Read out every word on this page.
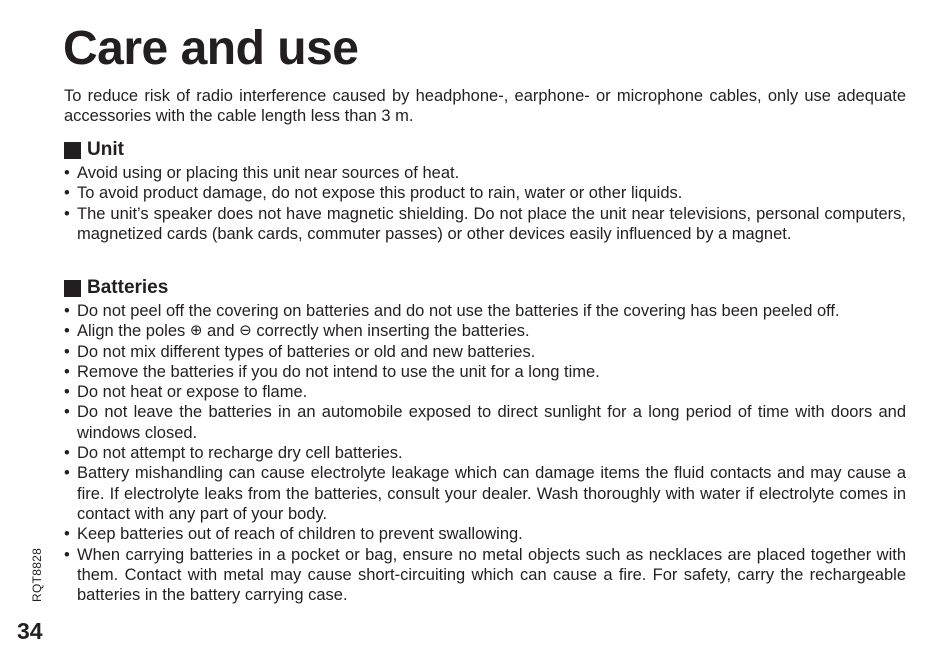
Care and use

To reduce risk of radio interference caused by headphone-, earphone- or microphone cables, only use adequate accessories with the cable length less than 3 m.

Unit
• Avoid using or placing this unit near sources of heat.
• To avoid product damage, do not expose this product to rain, water or other liquids.
• The unit’s speaker does not have magnetic shielding. Do not place the unit near televisions, personal computers, magnetized cards (bank cards, commuter passes) or other devices easily influenced by a magnet.
Batteries
• Do not peel off the covering on batteries and do not use the batteries if the covering has been peeled off.
• Align the poles ⊕ and ⊖ correctly when inserting the batteries.
• Do not mix different types of batteries or old and new batteries.
• Remove the batteries if you do not intend to use the unit for a long time.
• Do not heat or expose to flame.
• Do not leave the batteries in an automobile exposed to direct sunlight for a long period of time with doors and windows closed.
• Do not attempt to recharge dry cell batteries.
• Battery mishandling can cause electrolyte leakage which can damage items the fluid contacts and may cause a fire. If electrolyte leaks from the batteries, consult your dealer. Wash thoroughly with water if electrolyte comes in contact with any part of your body.
• Keep batteries out of reach of children to prevent swallowing.
• When carrying batteries in a pocket or bag, ensure no metal objects such as necklaces are placed together with them. Contact with metal may cause short-circuiting which can cause a fire. For safety, carry the rechargeable batteries in the battery carrying case.
RQT8828
34
